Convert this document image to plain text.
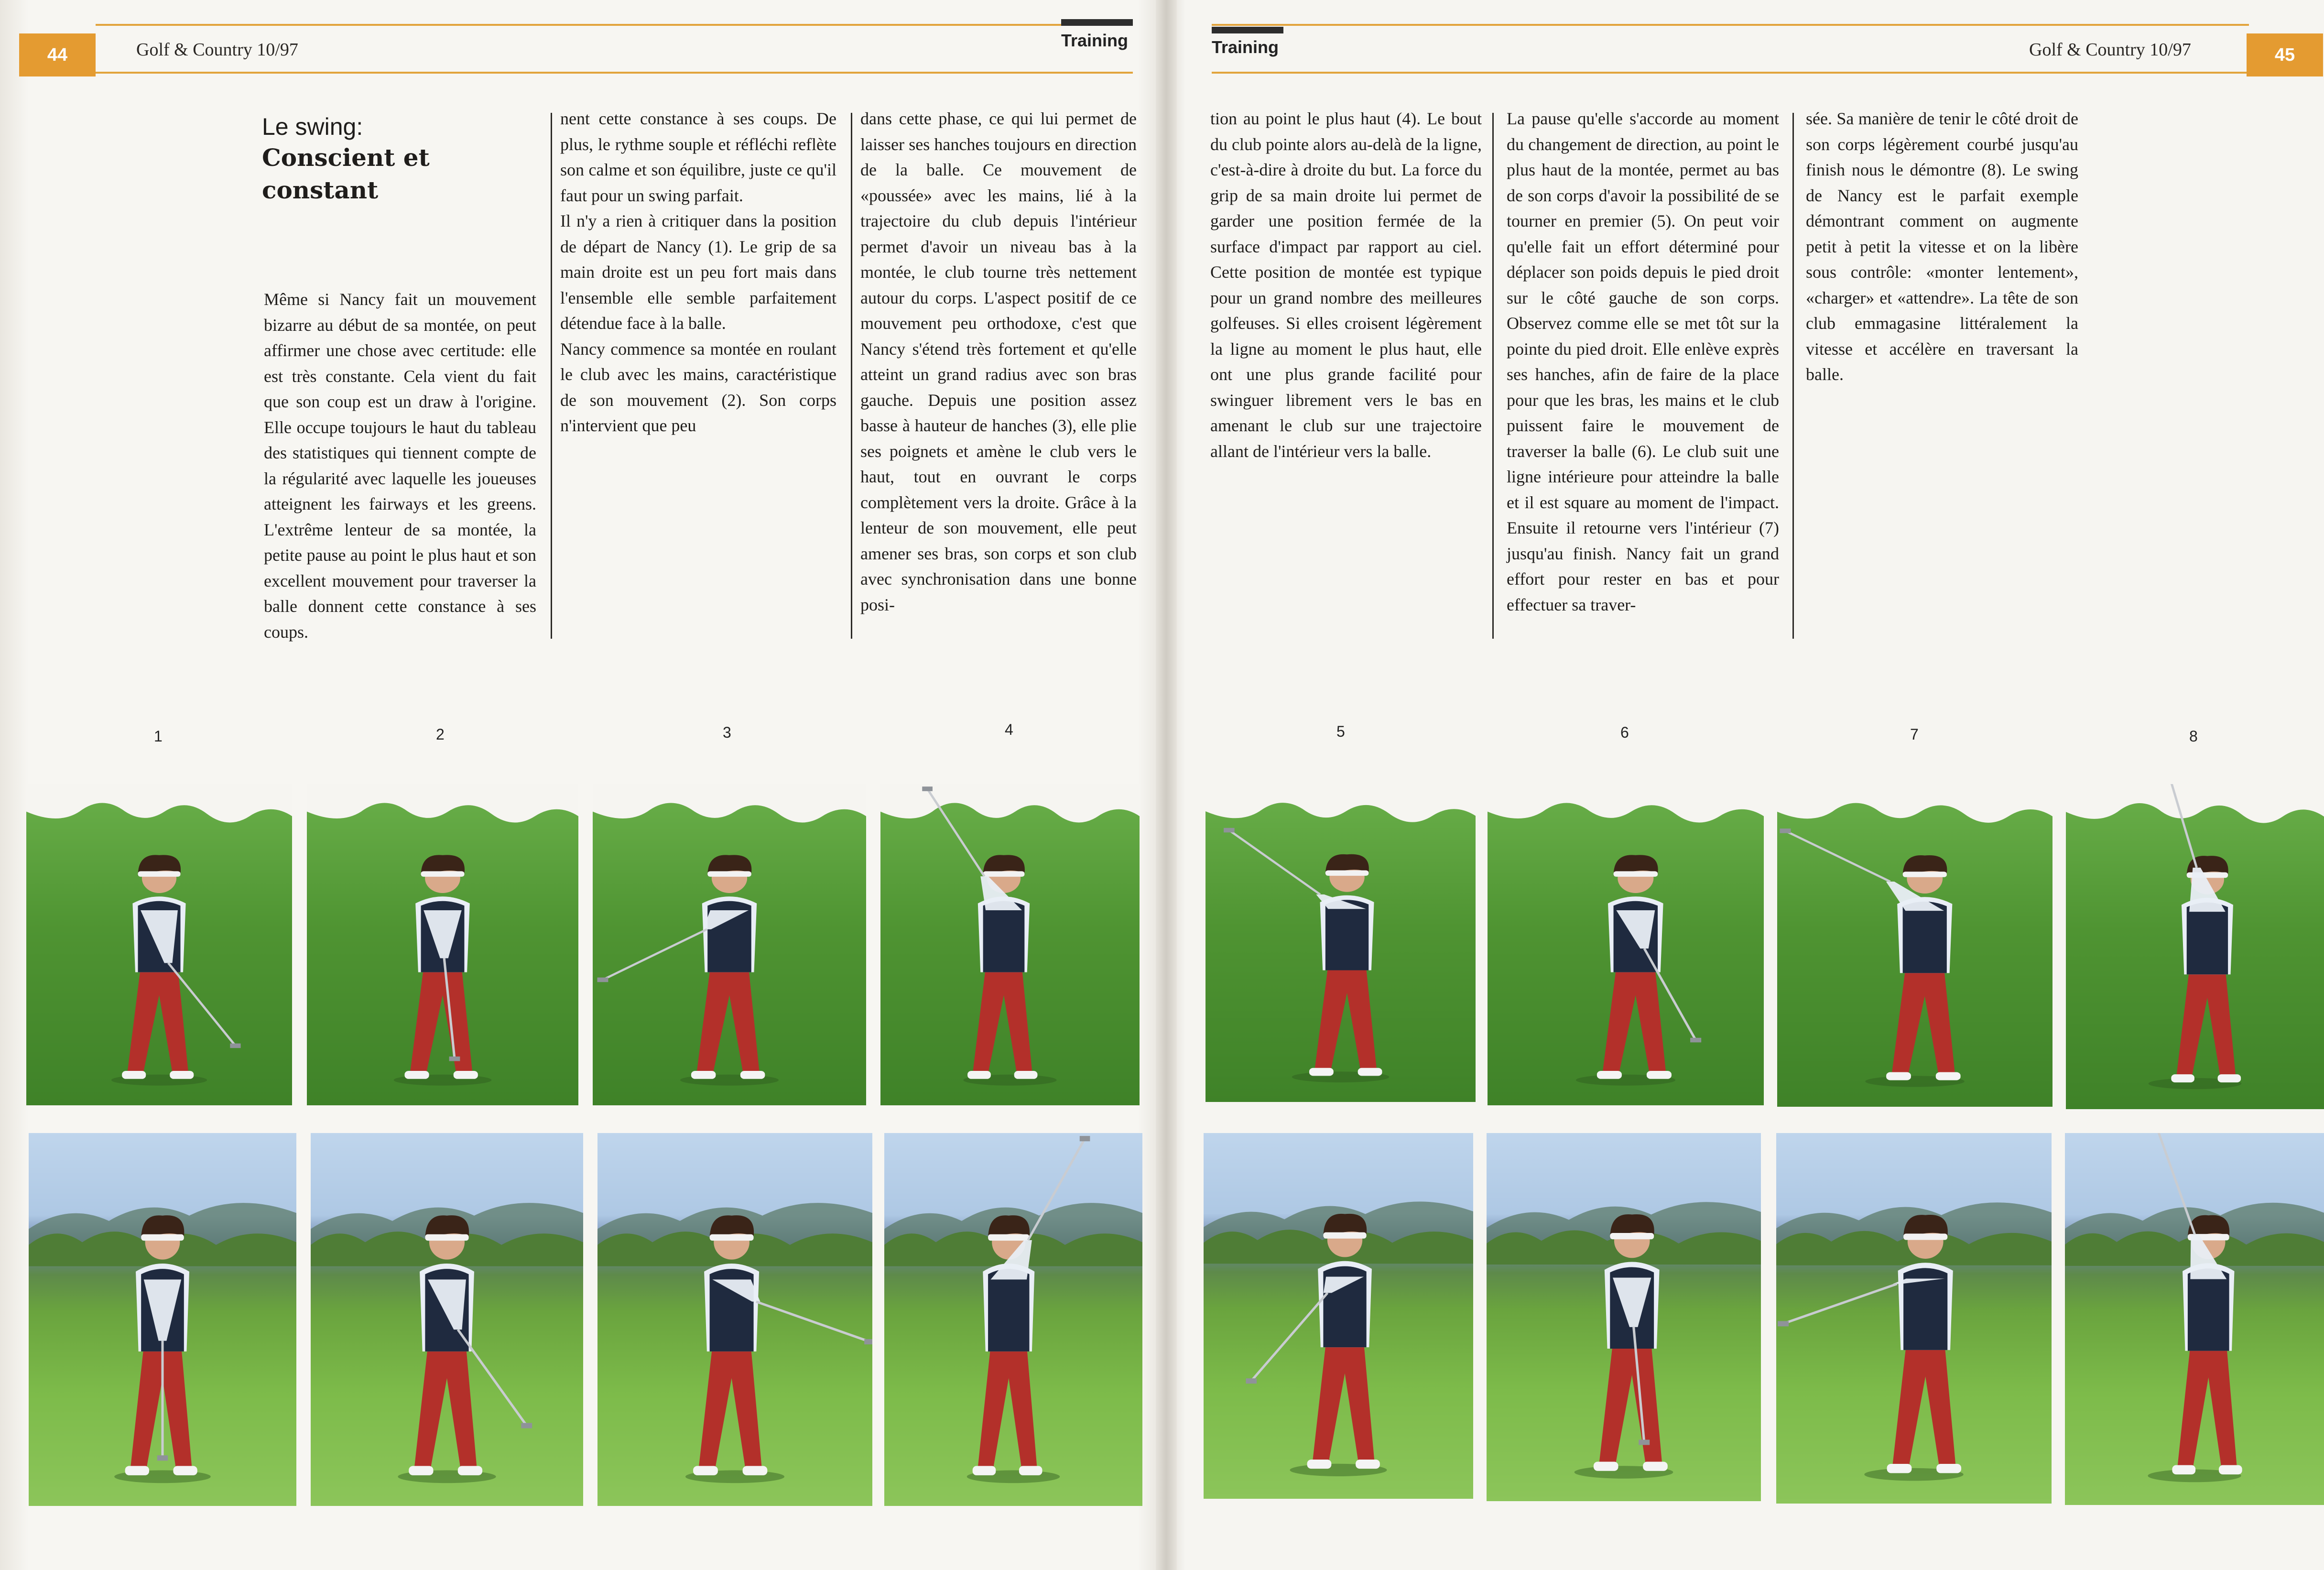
44	Golf & Country 10/97	Training
45
Golf & Country 10/97
Training
Le swing:
Conscient et constant

Même si Nancy fait un mouvement bizarre au début de sa montée, on peut affirmer une chose avec certitude: elle est très constante. Cela vient du fait que son coup est un draw à l'origine. Elle occupe toujours le haut du tableau des statistiques qui tiennent compte de la régularité avec laquelle les joueuses atteignent les fairways et les greens. L'extrême lenteur de sa montée, la petite pause au point le plus haut et son excellent mouvement pour traverser la balle donnent cette constance à ses coups.

nent cette constance à ses coups. De plus, le rythme souple et réfléchi reflète son calme et son équilibre, juste ce qu'il faut pour un swing parfait.

Il n'y a rien à critiquer dans la position de départ de Nancy (1). Le grip de sa main droite est un peu fort mais dans l'ensemble elle semble parfaitement détendue face à la balle.

Nancy commence sa montée en roulant le club avec les mains, caractéristique de son mouvement (2). Son corps n'intervient que peu

dans cette phase, ce qui lui permet de laisser ses hanches toujours en direction de la balle. Ce mouvement de «poussée» avec les mains, lié à la trajectoire du club depuis l'intérieur permet d'avoir un niveau bas à la montée, le club tourne très nettement autour du corps. L'aspect positif de ce mouvement peu orthodoxe, c'est que Nancy s'étend très fortement et qu'elle atteint un grand radius avec son bras gauche. Depuis une position assez basse à hauteur de hanches (3), elle plie ses poignets et amène le club vers le haut, tout en ouvrant le corps complètement vers la droite. Grâce à la lenteur de son mouvement, elle peut amener ses bras, son corps et son club avec synchronisation dans une bonne posi-

tion au point le plus haut (4). Le bout du club pointe alors au-delà de la ligne, c'est-à-dire à droite du but. La force du grip de sa main droite lui permet de garder une position fermée de la surface d'impact par rapport au ciel. Cette position de montée est typique pour un grand nombre des meilleures golfeuses. Si elles croisent légèrement la ligne au moment le plus haut, elle ont une plus grande facilité pour swinguer librement vers le bas en amenant le club sur une trajectoire allant de l'intérieur vers la balle.

La pause qu'elle s'accorde au moment du changement de direction, au point le plus haut de la montée, permet au bas de son corps d'avoir la possibilité de se tourner en premier (5). On peut voir qu'elle fait un effort déterminé pour déplacer son poids depuis le pied droit sur le côté gauche de son corps. Observez comme elle se met tôt sur la pointe du pied droit. Elle enlève exprès ses hanches, afin de faire de la place pour que les bras, les mains et le club puissent faire le mouvement de traverser la balle (6). Le club suit une ligne intérieure pour atteindre la balle et il est square au moment de l'impact. Ensuite il retourne vers l'intérieur (7) jusqu'au finish. Nancy fait un grand effort pour rester en bas et pour effectuer sa traver-

sée. Sa manière de tenir le côté droit de son corps légèrement courbé jusqu'au finish nous le démontre (8). Le swing de Nancy est le parfait exemple démontrant comment on augmente petit à petit la vitesse et on la libère sous contrôle: «monter lentement», «charger» et «attendre». La tête de son club emmagasine littéralement la vitesse et accélère en traversant la balle.

1	2	3	4	5	6	7	8
